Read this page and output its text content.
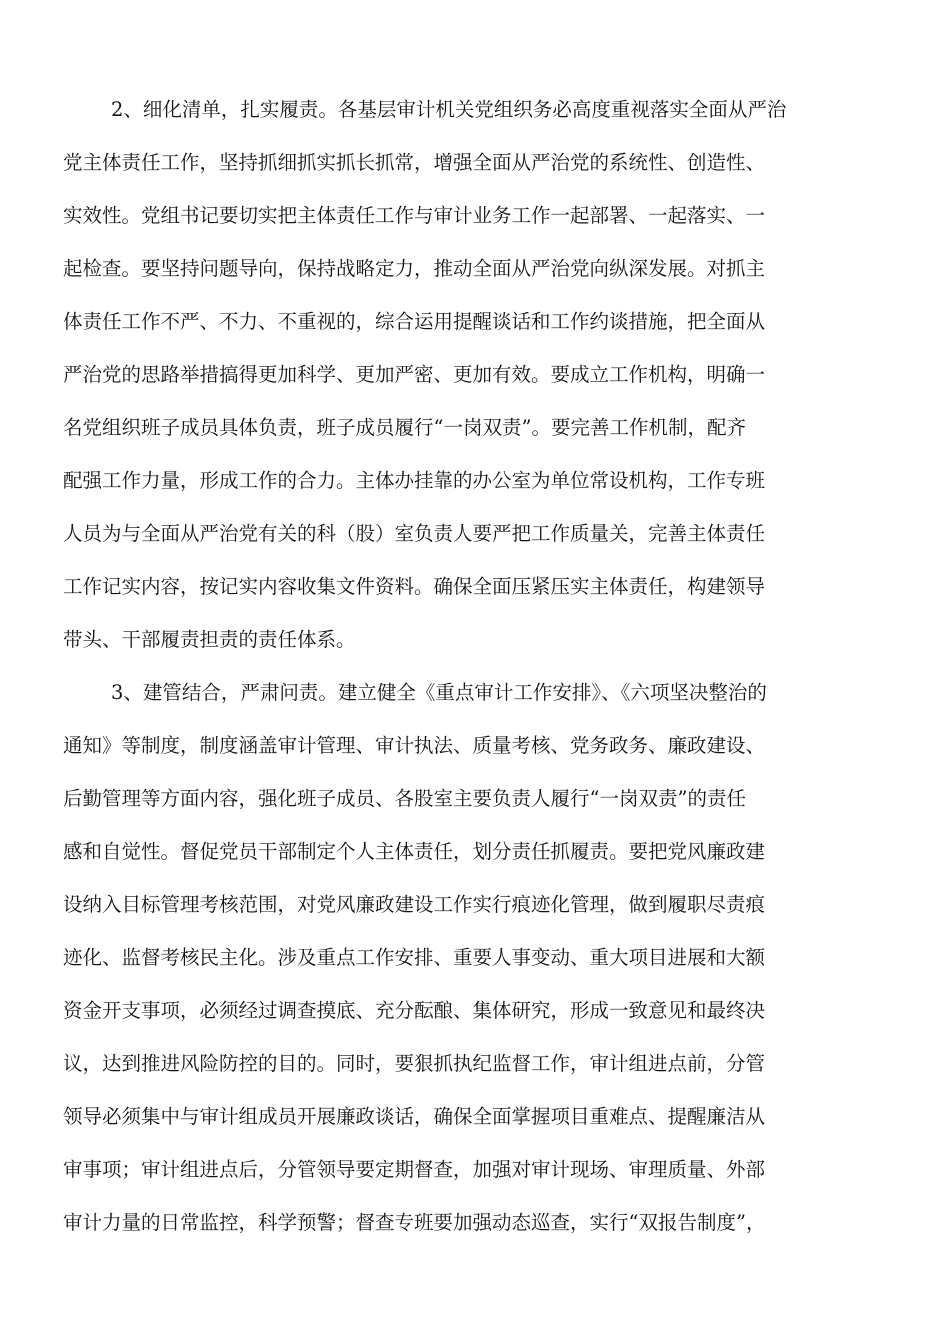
2、细化清单，扎实履责。各基层审计机关党组织务必高度重视落实全面从严治
党主体责任工作，坚持抓细抓实抓长抓常，增强全面从严治党的系统性、创造性、
实效性。党组书记要切实把主体责任工作与审计业务工作一起部署、一起落实、一
起检查。要坚持问题导向，保持战略定力，推动全面从严治党向纵深发展。对抓主
体责任工作不严、不力、不重视的，综合运用提醒谈话和工作约谈措施，把全面从
严治党的思路举措搞得更加科学、更加严密、更加有效。要成立工作机构，明确一
名党组织班子成员具体负责，班子成员履行“一岗双责”。要完善工作机制，配齐
配强工作力量，形成工作的合力。主体办挂靠的办公室为单位常设机构，工作专班
人员为与全面从严治党有关的科（股）室负责人要严把工作质量关，完善主体责任
工作记实内容，按记实内容收集文件资料。确保全面压紧压实主体责任，构建领导
带头、干部履责担责的责任体系。
3、建管结合，严肃问责。建立健全《重点审计工作安排》、《六项坚决整治的
通知》等制度，制度涵盖审计管理、审计执法、质量考核、党务政务、廉政建设、
后勤管理等方面内容，强化班子成员、各股室主要负责人履行“一岗双责”的责任
感和自觉性。督促党员干部制定个人主体责任，划分责任抓履责。要把党风廉政建
设纳入目标管理考核范围，对党风廉政建设工作实行痕迹化管理，做到履职尽责痕
迹化、监督考核民主化。涉及重点工作安排、重要人事变动、重大项目进展和大额
资金开支事项，必须经过调查摸底、充分酝酿、集体研究，形成一致意见和最终决
议，达到推进风险防控的目的。同时，要狠抓执纪监督工作，审计组进点前，分管
领导必须集中与审计组成员开展廉政谈话，确保全面掌握项目重难点、提醒廉洁从
审事项；审计组进点后，分管领导要定期督查，加强对审计现场、审理质量、外部
审计力量的日常监控，科学预警；督查专班要加强动态巡查，实行“双报告制度”，
